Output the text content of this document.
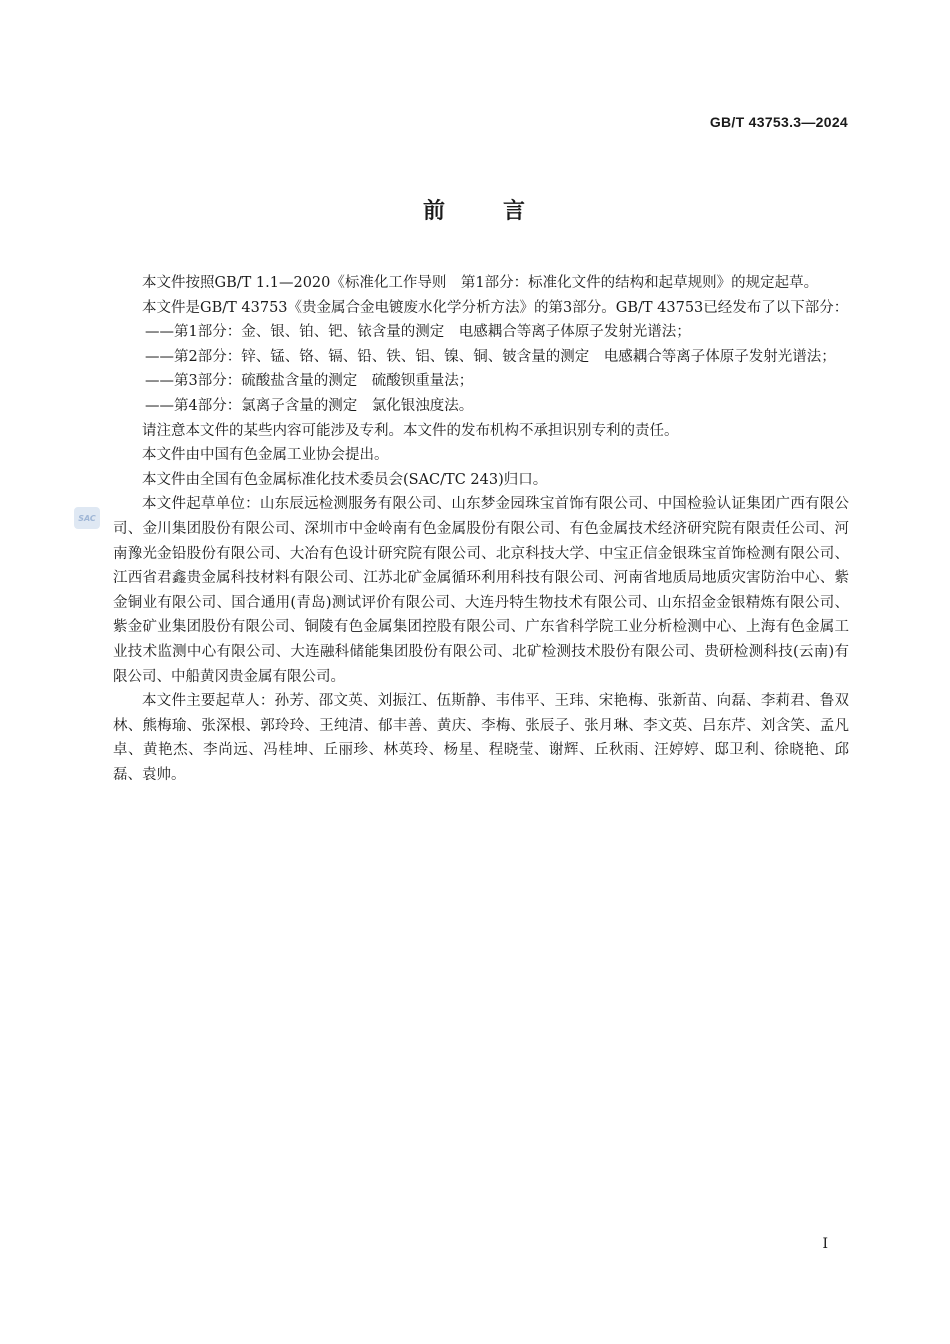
GB/T 43753.3—2024
前	言
SAC

本文件按照GB/T 1.1—2020《标准化工作导则　第1部分：标准化文件的结构和起草规则》的规定起草。

本文件是GB/T 43753《贵金属合金电镀废水化学分析方法》的第3部分。GB/T 43753已经发布了以下部分：

——第1部分：金、银、铂、钯、铱含量的测定　电感耦合等离子体原子发射光谱法；

——第2部分：锌、锰、铬、镉、铅、铁、铝、镍、铜、铍含量的测定　电感耦合等离子体原子发射光谱法；

——第3部分：硫酸盐含量的测定　硫酸钡重量法；

——第4部分：氯离子含量的测定　氯化银浊度法。

请注意本文件的某些内容可能涉及专利。本文件的发布机构不承担识别专利的责任。

本文件由中国有色金属工业协会提出。

本文件由全国有色金属标准化技术委员会(SAC/TC 243)归口。

本文件起草单位：山东辰远检测服务有限公司、山东梦金园珠宝首饰有限公司、中国检验认证集团广西有限公司、金川集团股份有限公司、深圳市中金岭南有色金属股份有限公司、有色金属技术经济研究院有限责任公司、河南豫光金铅股份有限公司、大冶有色设计研究院有限公司、北京科技大学、中宝正信金银珠宝首饰检测有限公司、江西省君鑫贵金属科技材料有限公司、江苏北矿金属循环利用科技有限公司、河南省地质局地质灾害防治中心、紫金铜业有限公司、国合通用(青岛)测试评价有限公司、大连丹特生物技术有限公司、山东招金金银精炼有限公司、紫金矿业集团股份有限公司、铜陵有色金属集团控股有限公司、广东省科学院工业分析检测中心、上海有色金属工业技术监测中心有限公司、大连融科储能集团股份有限公司、北矿检测技术股份有限公司、贵研检测科技(云南)有限公司、中船黄冈贵金属有限公司。

本文件主要起草人：孙芳、邵文英、刘振江、伍斯静、韦伟平、王玮、宋艳梅、张新苗、向磊、李莉君、鲁双林、熊梅瑜、张深根、郭玲玲、王纯清、郁丰善、黄庆、李梅、张辰子、张月琳、李文英、吕东芹、刘含笑、孟凡卓、黄艳杰、李尚远、冯桂坤、丘丽珍、林英玲、杨星、程晓莹、谢辉、丘秋雨、汪婷婷、邸卫利、徐晓艳、邱磊、袁帅。

I
